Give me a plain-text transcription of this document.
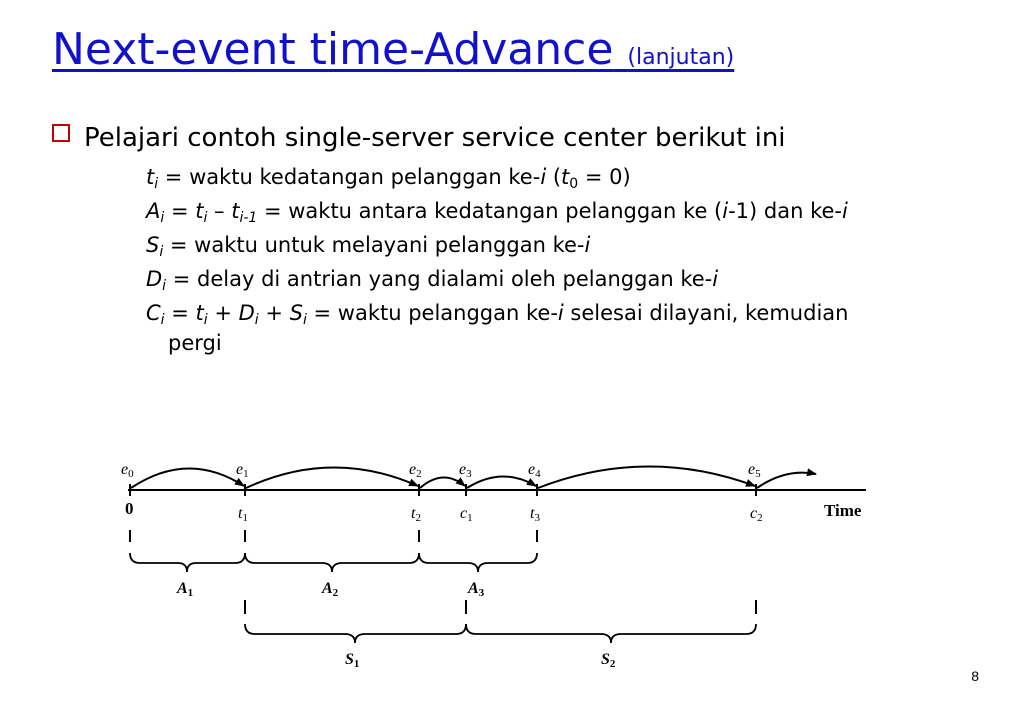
Next-event time-Advance (lanjutan)
Pelajari contoh single-server service center berikut ini
$t_i$ = waktu kedatangan pelanggan ke-i $(t_0 = 0)$
$A_i = t_i - t_{i-1}$ = waktu antara kedatangan pelanggan ke (i-1) dan ke-i
$S_i$ = waktu untuk melayani pelanggan ke-i
$D_i$ = delay di antrian yang dialami oleh pelanggan ke-i
$C_i = t_i + D_i + S_i$ = waktu pelanggan ke-i selesai dilayani, kemudian
pergi
Time
e0	e1	e2 e3	e4	e5
0	t1	t2 c1	t3	c2
A1	A2	A3
S1	S2
8
